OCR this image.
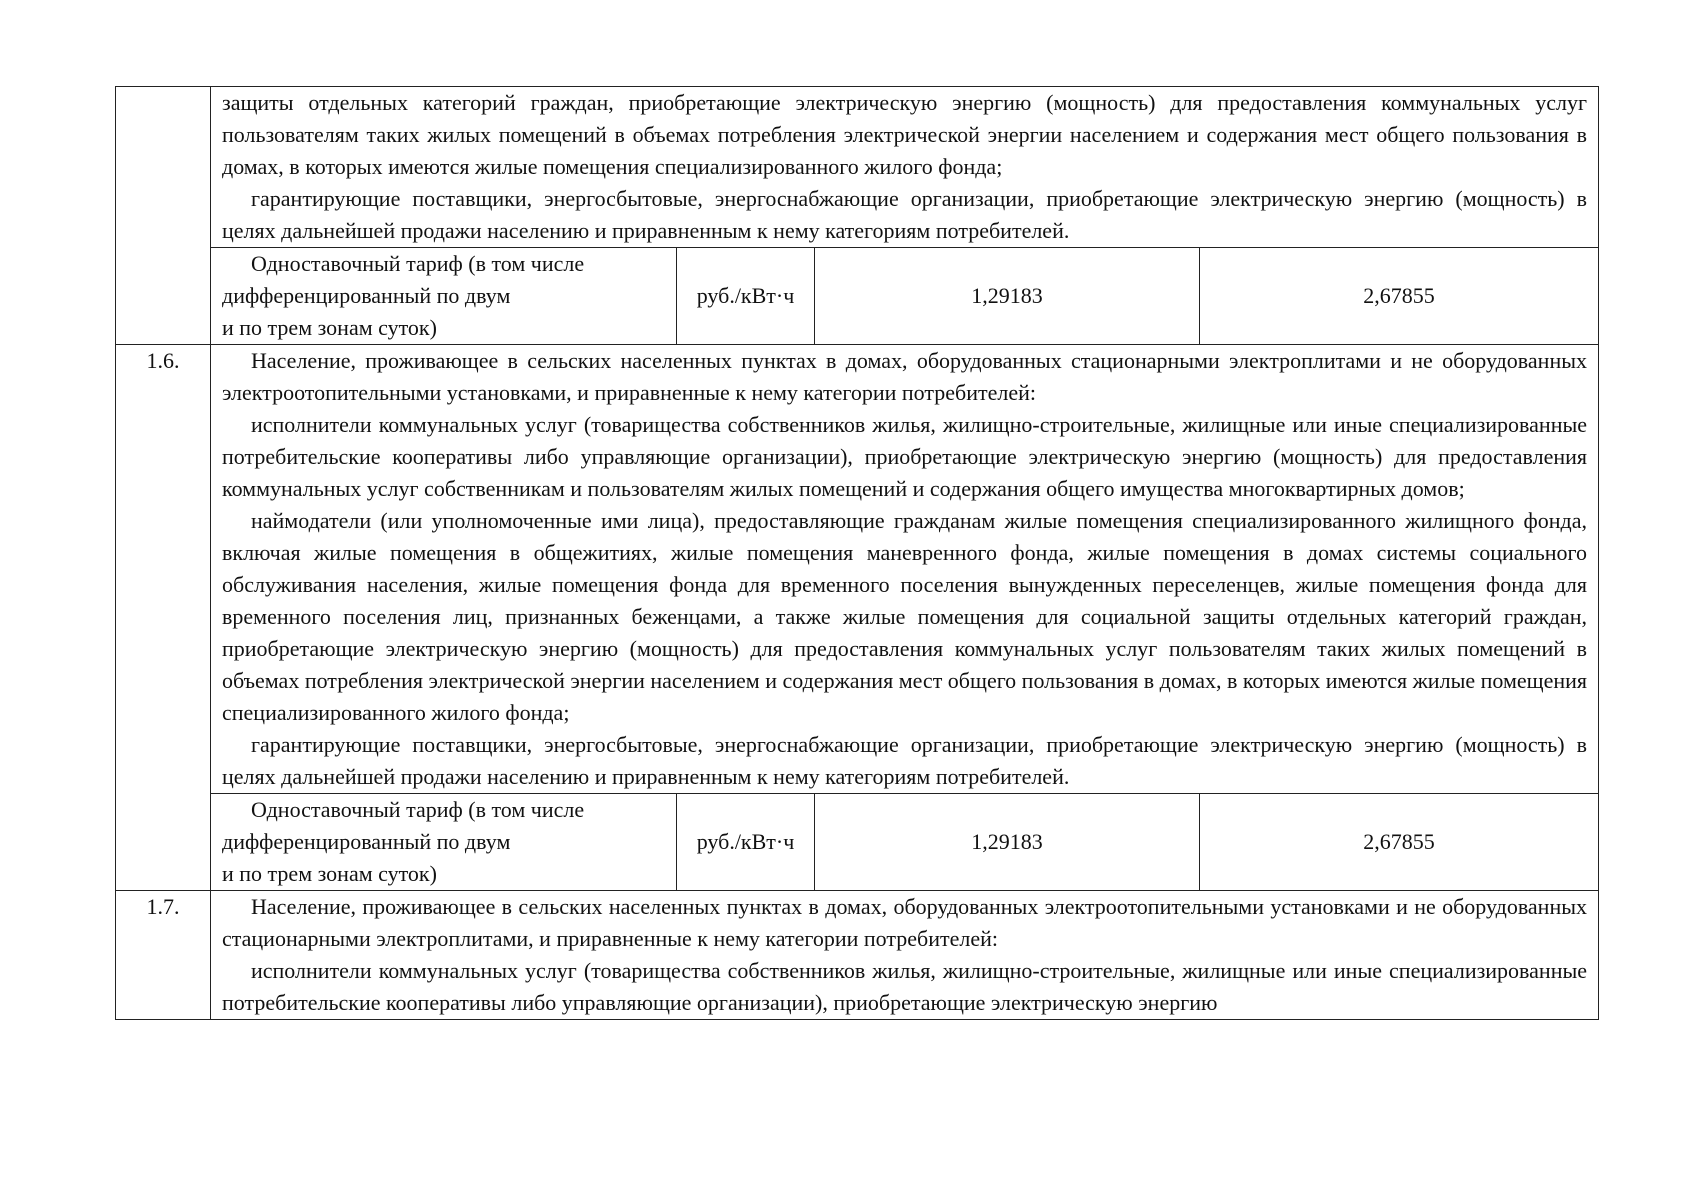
	защиты отдельных категорий граждан, приобретающие электрическую энергию (мощность) для предоставления коммунальных услуг пользователям таких жилых помещений в объемах потребления электрической энергии населением и содержания мест общего пользования в домах, в которых имеются жилые помещения специализированного жилого фонда;

гарантирующие поставщики, энергосбытовые, энергоснабжающие организации, приобретающие электрическую энергию (мощность) в целях дальнейшей продажи населению и приравненным к нему категориям потребителей.			

	Одноставочный тариф (в том числе
дифференцированный по двум
и по трем зонам суток)	руб./кВт·ч	1,29183	2,67855
1.6.	Население, проживающее в сельских населенных пунктах в домах, оборудованных стационарными электроплитами и не оборудованных электроотопительными установками, и приравненные к нему категории потребителей:

исполнители коммунальных услуг (товарищества собственников жилья, жилищно-строительные, жилищные или иные специализированные потребительские кооперативы либо управляющие организации), приобретающие электрическую энергию (мощность) для предоставления коммунальных услуг собственникам и пользователям жилых помещений и содержания общего имущества многоквартирных домов;

наймодатели (или уполномоченные ими лица), предоставляющие гражданам жилые помещения специализированного жилищного фонда, включая жилые помещения в общежитиях, жилые помещения маневренного фонда, жилые помещения в домах системы социального обслуживания населения, жилые помещения фонда для временного поселения вынужденных переселенцев, жилые помещения фонда для временного поселения лиц, признанных беженцами, а также жилые помещения для социальной защиты отдельных категорий граждан, приобретающие электрическую энергию (мощность) для предоставления коммунальных услуг пользователям таких жилых помещений в объемах потребления электрической энергии населением и содержания мест общего пользования в домах, в которых имеются жилые помещения специализированного жилого фонда;

гарантирующие поставщики, энергосбытовые, энергоснабжающие организации, приобретающие электрическую энергию (мощность) в целях дальнейшей продажи населению и приравненным к нему категориям потребителей.			

	Одноставочный тариф (в том числе
дифференцированный по двум
и по трем зонам суток)	руб./кВт·ч	1,29183	2,67855
1.7.	Население, проживающее в сельских населенных пунктах в домах, оборудованных электроотопительными установками и не оборудованных стационарными электроплитами, и приравненные к нему категории потребителей:

исполнители коммунальных услуг (товарищества собственников жилья, жилищно-строительные, жилищные или иные специализированные потребительские кооперативы либо управляющие организации), приобретающие электрическую энергию			
